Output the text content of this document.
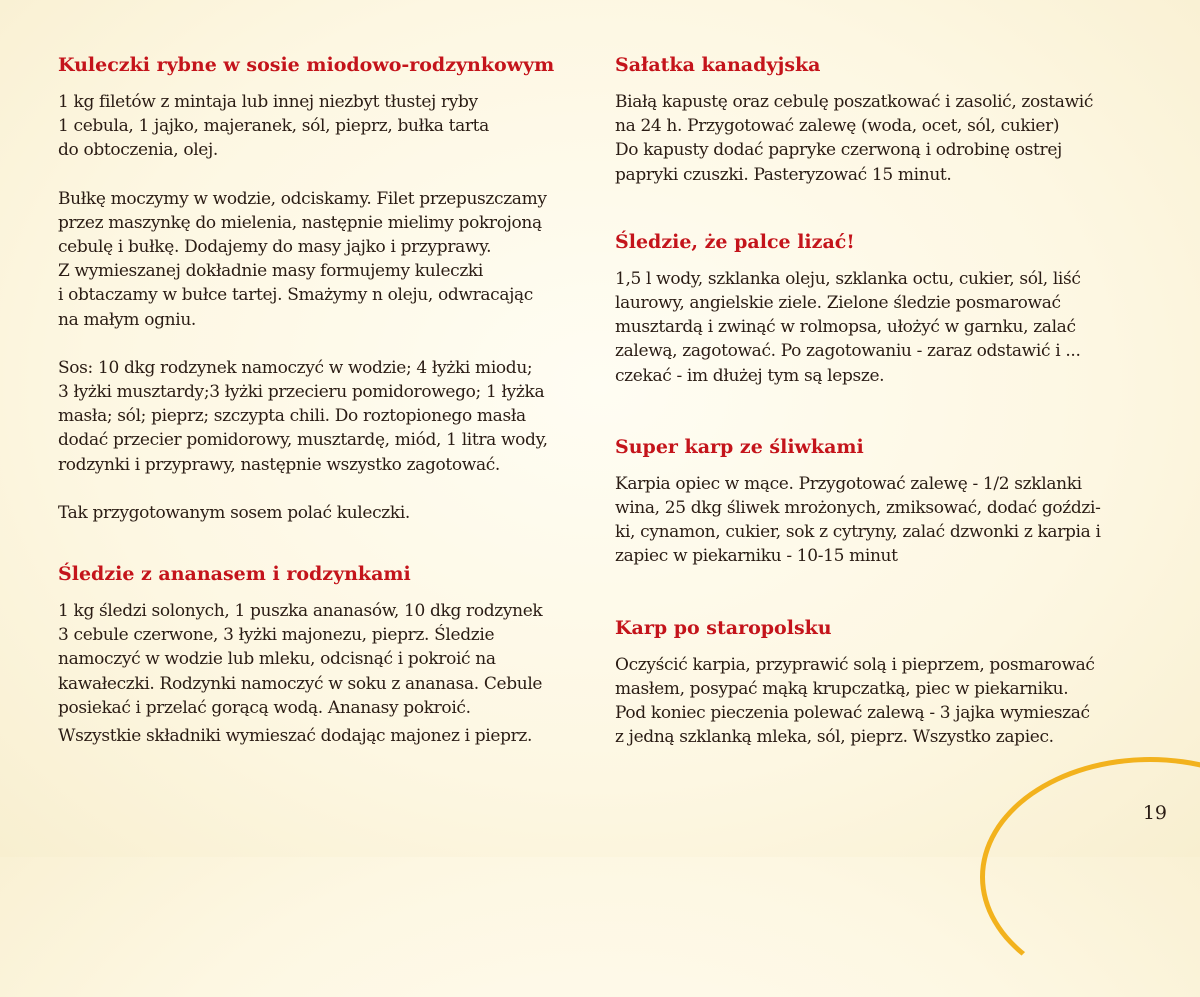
Kuleczki rybne w sosie miodowo-rodzynkowym

1 kg filetów z mintaja lub innej niezbyt tłustej ryby
1 cebula, 1 jajko, majeranek, sól, pieprz, bułka tarta
do obtoczenia, olej.

Bułkę moczymy w wodzie, odciskamy. Filet przepuszczamy
przez maszynkę do mielenia, następnie mielimy pokrojoną
cebulę i bułkę. Dodajemy do masy jajko i przyprawy.
Z wymieszanej dokładnie masy formujemy kuleczki
i obtaczamy w bułce tartej. Smażymy n oleju, odwracając
na małym ogniu.

Sos: 10 dkg rodzynek namoczyć w wodzie; 4 łyżki miodu;
3 łyżki musztardy;3 łyżki przecieru pomidorowego; 1 łyżka
masła; sól; pieprz; szczypta chili. Do roztopionego masła
dodać przecier pomidorowy, musztardę, miód, 1 litra wody,
rodzynki i przyprawy, następnie wszystko zagotować.

Tak przygotowanym sosem polać kuleczki.

Śledzie z ananasem i rodzynkami

1 kg śledzi solonych, 1 puszka ananasów, 10 dkg rodzynek
3 cebule czerwone, 3 łyżki majonezu, pieprz. Śledzie
namoczyć w wodzie lub mleku, odcisnąć i pokroić na
kawałeczki. Rodzynki namoczyć w soku z ananasa. Cebule
posiekać i przelać gorącą wodą. Ananasy pokroić.

Wszystkie składniki wymieszać dodając majonez i pieprz.

Sałatka kanadyjska

Białą kapustę oraz cebulę poszatkować i zasolić, zostawić
na 24 h. Przygotować zalewę (woda, ocet, sól, cukier)
Do kapusty dodać papryke czerwoną i odrobinę ostrej
papryki czuszki. Pasteryzować 15 minut.

Śledzie, że palce lizać!

1,5 l wody, szklanka oleju, szklanka octu, cukier, sól, liść
laurowy, angielskie ziele. Zielone śledzie posmarować
musztardą i zwinąć w rolmopsa, ułożyć w garnku, zalać
zalewą, zagotować. Po zagotowaniu - zaraz odstawić i ...
czekać - im dłużej tym są lepsze.

Super karp ze śliwkami

Karpia opiec w mące. Przygotować zalewę - 1/2 szklanki
wina, 25 dkg śliwek mrożonych, zmiksować, dodać goździ-
ki, cynamon, cukier, sok z cytryny, zalać dzwonki z karpia i
zapiec w piekarniku - 10-15 minut

Karp po staropolsku

Oczyścić karpia, przyprawić solą i pieprzem, posmarować
masłem, posypać mąką krupczatką, piec w piekarniku.
Pod koniec pieczenia polewać zalewą - 3 jajka wymieszać
z jedną szklanką mleka, sól, pieprz. Wszystko zapiec.

19
